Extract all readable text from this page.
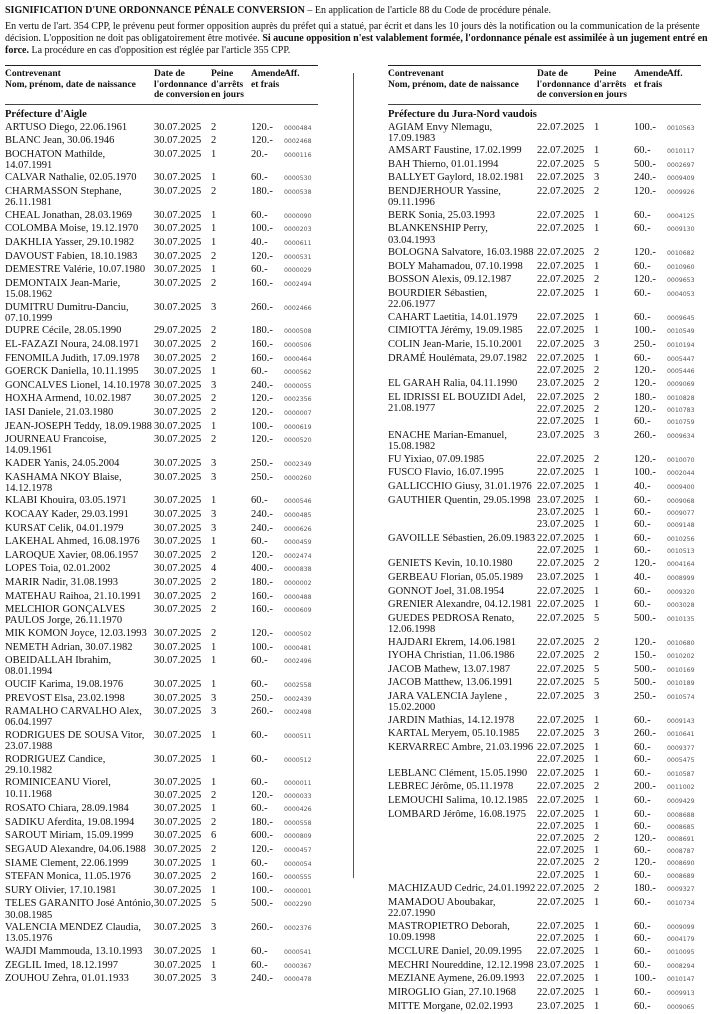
SIGNIFICATION D'UNE ORDONNANCE PÉNALE CONVERSION – En application de l'article 88 du Code de procédure pénale.

En vertu de l'art. 354 CPP, le prévenu peut former opposition auprès du préfet qui a statué, par écrit et dans les 10 jours dès la notification ou la communication de la présente décision. L'opposition ne doit pas obligatoirement être motivée. Si aucune opposition n'est valablement formée, l'ordonnance pénale est assimilée à un jugement entré en force. La procédure en cas d'opposition est réglée par l'article 355 CPP.

Contrevenant
Nom, prénom, date de naissance
Date de l'ordonnance de conversion
Peine d'arrêts en jours
Amende et frais
Aff.
Préfecture d'Aigle
ARTUSO Diego, 22.06.1961	30.07.2025 2	120.-	0000484
BLANC Jean, 30.06.1946	30.07.2025 2	120.-	0002468
BOCHATON Mathilde, 14.07.1991
30.07.2025 1	20.-	0000116
CALVAR Nathalie, 02.05.1970	30.07.2025 1	60.-	0000530
CHARMASSON Stephane, 26.11.1981
30.07.2025 2	180.-	0000538
CHEAL Jonathan, 28.03.1969	30.07.2025 1	60.-	0000090
COLOMBA Moise, 19.12.1970	30.07.2025 1	100.-	0000203
DAKHLIA Yasser, 29.10.1982	30.07.2025 1	40.-	0000611
DAVOUST Fabien, 18.10.1983	30.07.2025 2	120.-	0000531
DEMESTRE Valérie, 10.07.1980 30.07.2025 1	60.-	0000029
DEMONTAIX Jean-Marie, 15.08.1962
30.07.2025 2	160.-	0002494
DUMITRU Dumitru-Danciu, 07.10.1999
30.07.2025 3	260.-	0002466
DUPRE Cécile, 28.05.1990	29.07.2025 2	180.-	0000508
EL-FAZAZI Noura, 24.08.1971	30.07.2025 2	160.-	0000506
FENOMILA Judith, 17.09.1978	30.07.2025 2	160.-	0000464
GOERCK Daniella, 10.11.1995	30.07.2025 1	60.-	0000562
GONCALVES Lionel, 14.10.1978 30.07.2025 3	240.-	0000055
HOXHA Armend, 10.02.1987	30.07.2025 2	120.-	0002356
IASI Daniele, 21.03.1980	30.07.2025 2	120.-	0000007
JEAN-JOSEPH Teddy, 18.09.1988 30.07.2025 1	100.-	0000619
JOURNEAU Francoise, 14.09.1961
30.07.2025 2	120.-	0000520
KADER Yanis, 24.05.2004	30.07.2025 3	250.-	0002349
KASHAMA NKOY Blaise, 14.12.1978
30.07.2025 3	250.-	0000260
KLABI Khouira, 03.05.1971	30.07.2025 1	60.-	0000546
KOCAAY Kader, 29.03.1991	30.07.2025 3	240.-	0000485
KURSAT Celik, 04.01.1979	30.07.2025 3	240.-	0000626
LAKEHAL Ahmed, 16.08.1976	30.07.2025 1	60.-	0000459
LAROQUE Xavier, 08.06.1957	30.07.2025 2	120.-	0002474
LOPES Toia, 02.01.2002	30.07.2025 4	400.-	0000838
MARIR Nadir, 31.08.1993	30.07.2025 2	180.-	0000002
MATEHAU Raihoa, 21.10.1991	30.07.2025 2	160.-	0000488
MELCHIOR GONÇALVES PAULOS Jorge, 26.11.1970
30.07.2025 2	160.-	0000609
MIK KOMON Joyce, 12.03.1993 30.07.2025 2	120.-	0000502
NEMETH Adrian, 30.07.1982	30.07.2025 1	100.-	0000481
OBEIDALLAH Ibrahim, 08.01.1994
30.07.2025 1	60.-	0002496
OUCIF Karima, 19.08.1976	30.07.2025 1	60.-	0002558
PREVOST Elsa, 23.02.1998	30.07.2025 3	250.-	0002439
RAMALHO CARVALHO Alex, 06.04.1997
30.07.2025 3	260.-	0002498
RODRIGUES DE SOUSA Vitor, 23.07.1988
30.07.2025 1	60.-	0000511
RODRIGUEZ Candice, 29.10.1982
30.07.2025 1	60.-	0000512
ROMINICEANU Viorel, 10.11.1968
30.07.2025 1	60.-	0000011
30.07.2025 2	120.-	0000033
ROSATO Chiara, 28.09.1984	30.07.2025 1	60.-	0000426
SADIKU Aferdita, 19.08.1994	30.07.2025 2	180.-	0000558
SAROUT Miriam, 15.09.1999	30.07.2025 6	600.-	0000809
SEGAUD Alexandre, 04.06.1988 30.07.2025 2	120.-	0000457
SIAME Clement, 22.06.1999	30.07.2025 1	60.-	0000054
STEFAN Monica, 11.05.1976	30.07.2025 2	160.-	0000555
SURY Olivier, 17.10.1981	30.07.2025 1	100.-	0000001
TELES GARANITO José António, 30.08.1985
30.07.2025 5	500.-	0002290
VALENCIA MENDEZ Claudia, 13.05.1976
30.07.2025 3	260.-	0002376
WAJDI Mammouda, 13.10.1993	30.07.2025 1	60.-	0000541
ZEGLIL Imed, 18.12.1997	30.07.2025 1	60.-	0000367
ZOUHOU Zehra, 01.01.1933	30.07.2025 3	240.-	0000478
Contrevenant
Nom, prénom, date de naissance
Date de l'ordonnance de conversion
Peine d'arrêts en jours
Amende et frais
Aff.
Préfecture du Jura-Nord vaudois
AGIAM Envy Nlemagu, 17.09.1983
22.07.2025 1	100.-	0010563
AMSART Faustine, 17.02.1999	22.07.2025 1	60.-	0010117
BAH Thierno, 01.01.1994	22.07.2025 5	500.-	0002697
BALLYET Gaylord, 18.02.1981	22.07.2025 3	240.-	0009409
BENDJERHOUR Yassine, 09.11.1996
22.07.2025 2	120.-	0009926
BERK Sonia, 25.03.1993	22.07.2025 1	60.-	0004125
BLANKENSHIP Perry, 03.04.1993
22.07.2025 1	60.-	0009130
BOLOGNA Salvatore, 16.03.1988 22.07.2025 2	120.-	0010682
BOLY Mahamadou, 07.10.1998	22.07.2025 1	60.-	0010960
BOSSON Alexis, 09.12.1987	22.07.2025 2	120.-	0009653
BOURDIER Sébastien, 22.06.1977
22.07.2025 1	60.-	0004053
CAHART Laetitia, 14.01.1979	22.07.2025 1	60.-	0009645
CIMIOTTA Jérémy, 19.09.1985	22.07.2025 1	100.-	0010549
COLIN Jean-Marie, 15.10.2001	22.07.2025 3	250.-	0010194
DRAMÉ Houlémata, 29.07.1982 22.07.2025 1	60.-	0005447
22.07.2025 2	120.-	0005446
EL GARAH Ralia, 04.11.1990	23.07.2025 2	120.-	0009069
EL IDRISSI EL BOUZIDI Adel, 21.08.1977
22.07.2025 2	180.-	0010828
22.07.2025 2	120.-	0010783
22.07.2025 1	60.-	0010759
ENACHE Marian-Emanuel, 15.08.1982
23.07.2025 3	260.-	0009634
FU Yixiao, 07.09.1985	22.07.2025 2	120.-	0010070
FUSCO Flavio, 16.07.1995	22.07.2025 1	100.-	0002044
GALLICCHIO Giusy, 31.01.1976 22.07.2025 1	40.-	0009400
GAUTHIER Quentin, 29.05.1998 23.07.2025 1	60.-	0009068
23.07.2025 1	60.-	0009077
23.07.2025 1	60.-	0009148
GAVOILLE Sébastien, 26.09.1983 22.07.2025 1	60.-	0010256
22.07.2025 1	60.-	0010513
GENIETS Kevin, 10.10.1980	22.07.2025 2	120.-	0004164
GERBEAU Florian, 05.05.1989	23.07.2025 1	40.-	0008999
GONNOT Joel, 31.08.1954	22.07.2025 1	60.-	0009320
GRENIER Alexandre, 04.12.1981 22.07.2025 1	60.-	0003028
GUEDES PEDROSA Renato, 12.06.1998
22.07.2025 5	500.-	0010135
HAJDARI Ekrem, 14.06.1981	22.07.2025 2	120.-	0010680
IYOHA Christian, 11.06.1986	22.07.2025 2	150.-	0010202
JACOB Mathew, 13.07.1987	22.07.2025 5	500.-	0010169
JACOB Matthew, 13.06.1991	22.07.2025 5	500.-	0010189
JARA VALENCIA Jaylene , 15.02.2000
22.07.2025 3	250.-	0010574
JARDIN Mathias, 14.12.1978	22.07.2025 1	60.-	0009143
KARTAL Meryem, 05.10.1985	22.07.2025 3	260.-	0010641
KERVARREC Ambre, 21.03.1996 22.07.2025 1	60.-	0009377
22.07.2025 1	60.-	0005475
LEBLANC Clément, 15.05.1990 22.07.2025 1	60.-	0010587
LEBREC Jérôme, 05.11.1978	22.07.2025 2	200.-	0011002
LEMOUCHI Salima, 10.12.1985 22.07.2025 1	60.-	0009429
LOMBARD Jérôme, 16.08.1975	22.07.2025 1	60.-	0008688
22.07.2025 1	60.-	0008685
22.07.2025 2	120.-	0008691
22.07.2025 1	60.-	0008787
22.07.2025 2	120.-	0008690
22.07.2025 1	60.-	0008689
MACHIZAUD Cedric, 24.01.1992 22.07.2025 2	180.-	0009327
MAMADOU Aboubakar, 22.07.1990
22.07.2025 1	60.-	0010734
MASTROPIETRO Deborah, 10.09.1998
22.07.2025 1	60.-	0009099
22.07.2025 1	60.-	0004179
MCCLURE Daniel, 20.09.1995	22.07.2025 1	60.-	0010095
MECHRI Noureddine, 12.12.1998 23.07.2025 1	60.-	0008294
MEZIANE Aymene, 26.09.1993	22.07.2025 1	100.-	0010147
MIROGLIO Gian, 27.10.1968	22.07.2025 1	60.-	0009913
MITTE Morgane, 02.02.1993	23.07.2025 1	60.-	0009065
